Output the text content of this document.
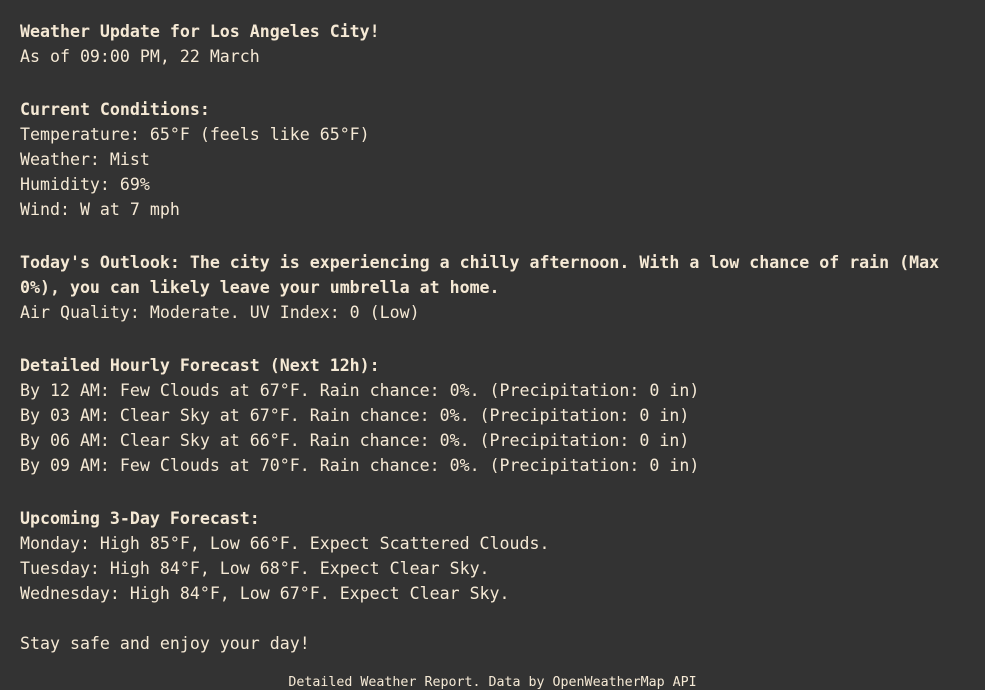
Weather Update for Los Angeles City!
As of 09:00 PM, 22 March
Current Conditions:
Temperature: 65°F (feels like 65°F)
Weather: Mist
Humidity: 69%
Wind: W at 7 mph
Today's Outlook: The city is experiencing a chilly afternoon. With a low chance of rain (Max 0%), you can likely leave your umbrella at home.
Air Quality: Moderate. UV Index: 0 (Low)
Detailed Hourly Forecast (Next 12h):
By 12 AM: Few Clouds at 67°F. Rain chance: 0%. (Precipitation: 0 in)
By 03 AM: Clear Sky at 67°F. Rain chance: 0%. (Precipitation: 0 in)
By 06 AM: Clear Sky at 66°F. Rain chance: 0%. (Precipitation: 0 in)
By 09 AM: Few Clouds at 70°F. Rain chance: 0%. (Precipitation: 0 in)
Upcoming 3-Day Forecast:
Monday: High 85°F, Low 66°F. Expect Scattered Clouds.
Tuesday: High 84°F, Low 68°F. Expect Clear Sky.
Wednesday: High 84°F, Low 67°F. Expect Clear Sky.
Stay safe and enjoy your day!
Detailed Weather Report. Data by OpenWeatherMap API
